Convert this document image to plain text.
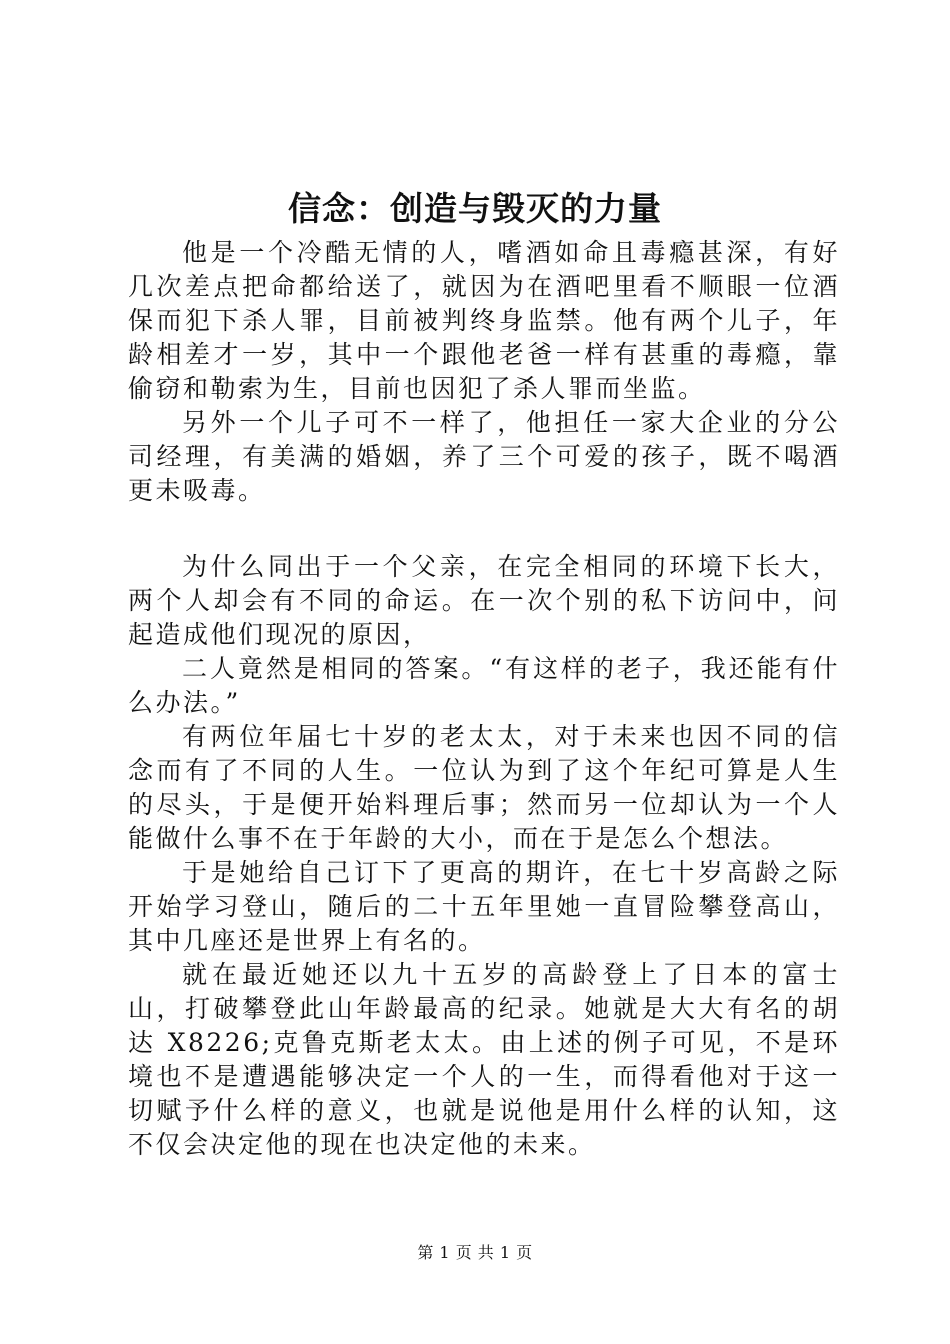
信念：创造与毁灭的力量

他是一个冷酷无情的人，嗜酒如命且毒瘾甚深，有好几次差点把命都给送了，就因为在酒吧里看不顺眼一位酒保而犯下杀人罪，目前被判终身监禁。他有两个儿子，年龄相差才一岁，其中一个跟他老爸一样有甚重的毒瘾，靠偷窃和勒索为生，目前也因犯了杀人罪而坐监。

另外一个儿子可不一样了，他担任一家大企业的分公司经理，有美满的婚姻，养了三个可爱的孩子，既不喝酒更未吸毒。

为什么同出于一个父亲，在完全相同的环境下长大，两个人却会有不同的命运。在一次个别的私下访问中，问起造成他们现况的原因，

二人竟然是相同的答案。“有这样的老子，我还能有什么办法。”

有两位年届七十岁的老太太，对于未来也因不同的信念而有了不同的人生。一位认为到了这个年纪可算是人生的尽头，于是便开始料理后事；然而另一位却认为一个人能做什么事不在于年龄的大小，而在于是怎么个想法。

于是她给自己订下了更高的期许，在七十岁高龄之际开始学习登山，随后的二十五年里她一直冒险攀登高山，其中几座还是世界上有名的。

就在最近她还以九十五岁的高龄登上了日本的富士山，打破攀登此山年龄最高的纪录。她就是大大有名的胡达 X8226;克鲁克斯老太太。由上述的例子可见，不是环境也不是遭遇能够决定一个人的一生，而得看他对于这一切赋予什么样的意义，也就是说他是用什么样的认知，这不仅会决定他的现在也决定他的未来。

第 1 页 共 1 页
